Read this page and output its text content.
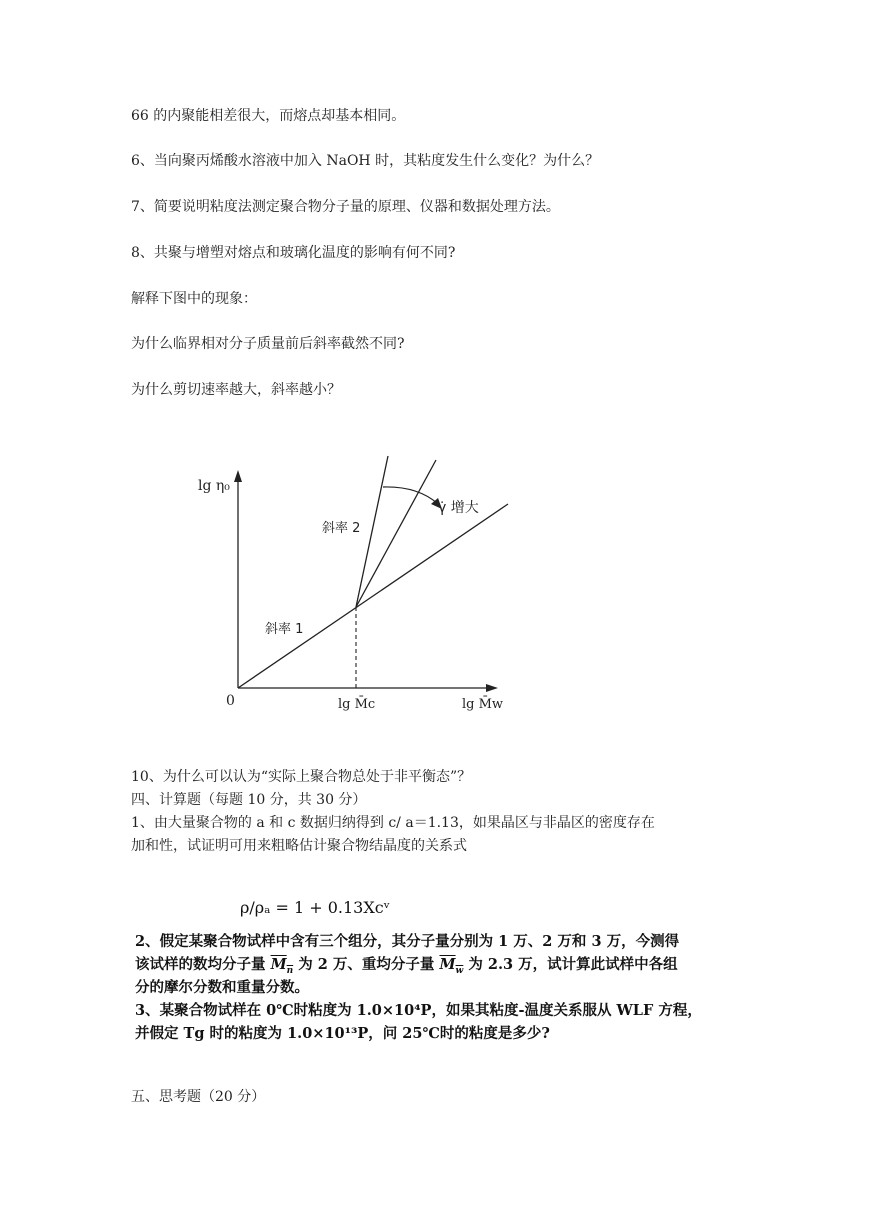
66 的内聚能相差很大，而熔点却基本相同。
6、当向聚丙烯酸水溶液中加入 NaOH 时，其粘度发生什么变化？为什么？
7、简要说明粘度法测定聚合物分子量的原理、仪器和数据处理方法。
8、共聚与增塑对熔点和玻璃化温度的影响有何不同?
解释下图中的现象：
为什么临界相对分子质量前后斜率截然不同?
为什么剪切速率越大，斜率越小？
lg η₀
0	lg M̄c	lg M̄w
斜率 1
斜率 2
γ̇ 增大
10、为什么可以认为“实际上聚合物总处于非平衡态”？
四、计算题（每题 10 分，共 30 分）
1、由大量聚合物的 a 和 c 数据归纳得到 c/ a＝1.13，如果晶区与非晶区的密度存在
加和性，试证明可用来粗略估计聚合物结晶度的关系式
ρ/ρₐ = 1 + 0.13Xcᵛ
2、假定某聚合物试样中含有三个组分，其分子量分别为 1 万、2 万和 3 万，今测得
该试样的数均分子量 $M_n$ 为 2 万、重均分子量 $M_w$ 为 2.3 万，试计算此试样中各组
分的摩尔分数和重量分数。
3、某聚合物试样在 0℃时粘度为 1.0×10⁴P，如果其粘度-温度关系服从 WLF 方程，
并假定 Tg 时的粘度为 1.0×10¹³P，问 25℃时的粘度是多少?
五、思考题（20 分）
